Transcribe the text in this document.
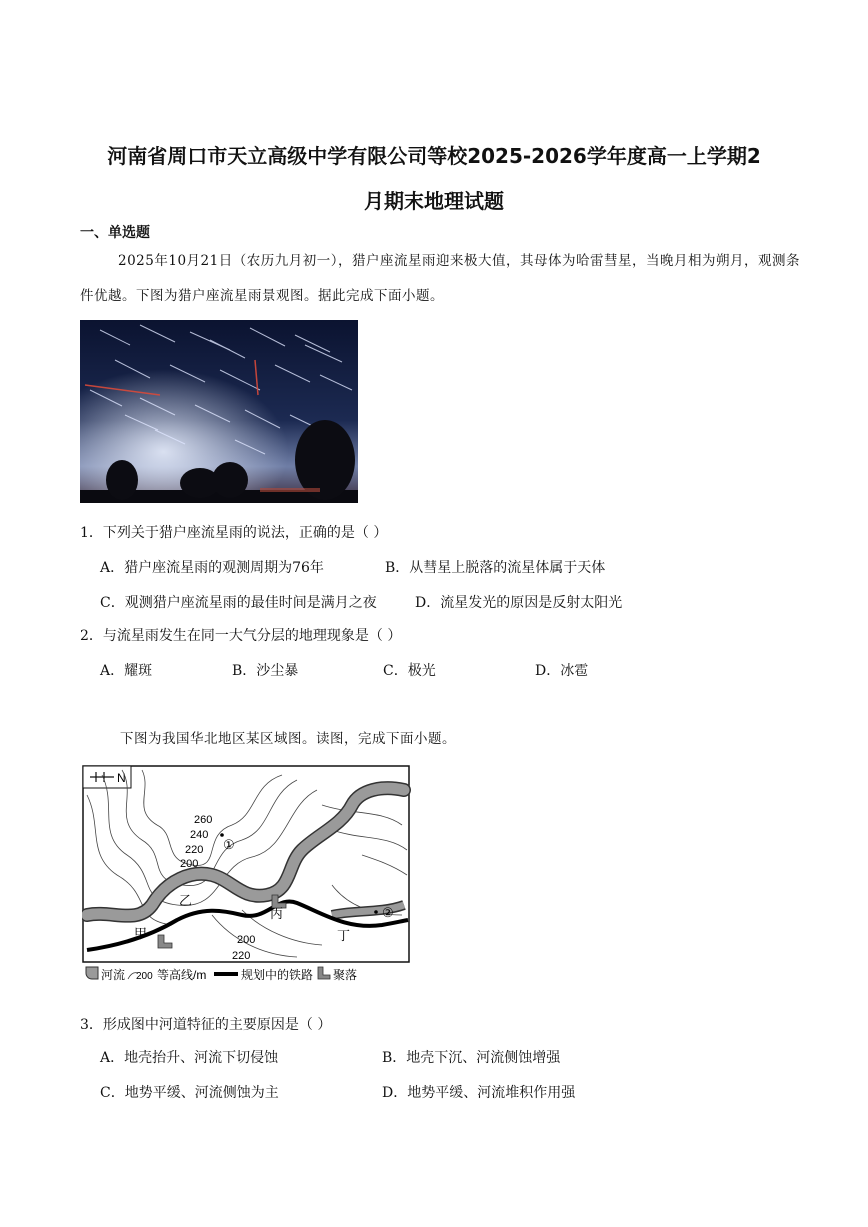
河南省周口市天立高级中学有限公司等校2025-2026学年度高一上学期2
月期末地理试题
一、单选题
2025年10月21日（农历九月初一），猎户座流星雨迎来极大值，其母体为哈雷彗星，当晚月相为朔月，观测条件优越。下图为猎户座流星雨景观图。据此完成下面小题。
1．下列关于猎户座流星雨的说法，正确的是（ ）
A．猎户座流星雨的观测周期为76年	B．从彗星上脱落的流星体属于天体
C．观测猎户座流星雨的最佳时间是满月之夜	D．流星发光的原因是反射太阳光
2．与流星雨发生在同一大气分层的地理现象是（ ）
A．耀斑	B．沙尘暴	C．极光	D．冰雹
下图为我国华北地区某区域图。读图，完成下面小题。
N
260
240
220
200
200
220
①
②
甲
乙
丙
丁
河流 200 等高线/m	规划中的铁路 聚落
3．形成图中河道特征的主要原因是（ ）
A．地壳抬升、河流下切侵蚀	B．地壳下沉、河流侧蚀增强
C．地势平缓、河流侧蚀为主	D．地势平缓、河流堆积作用强
